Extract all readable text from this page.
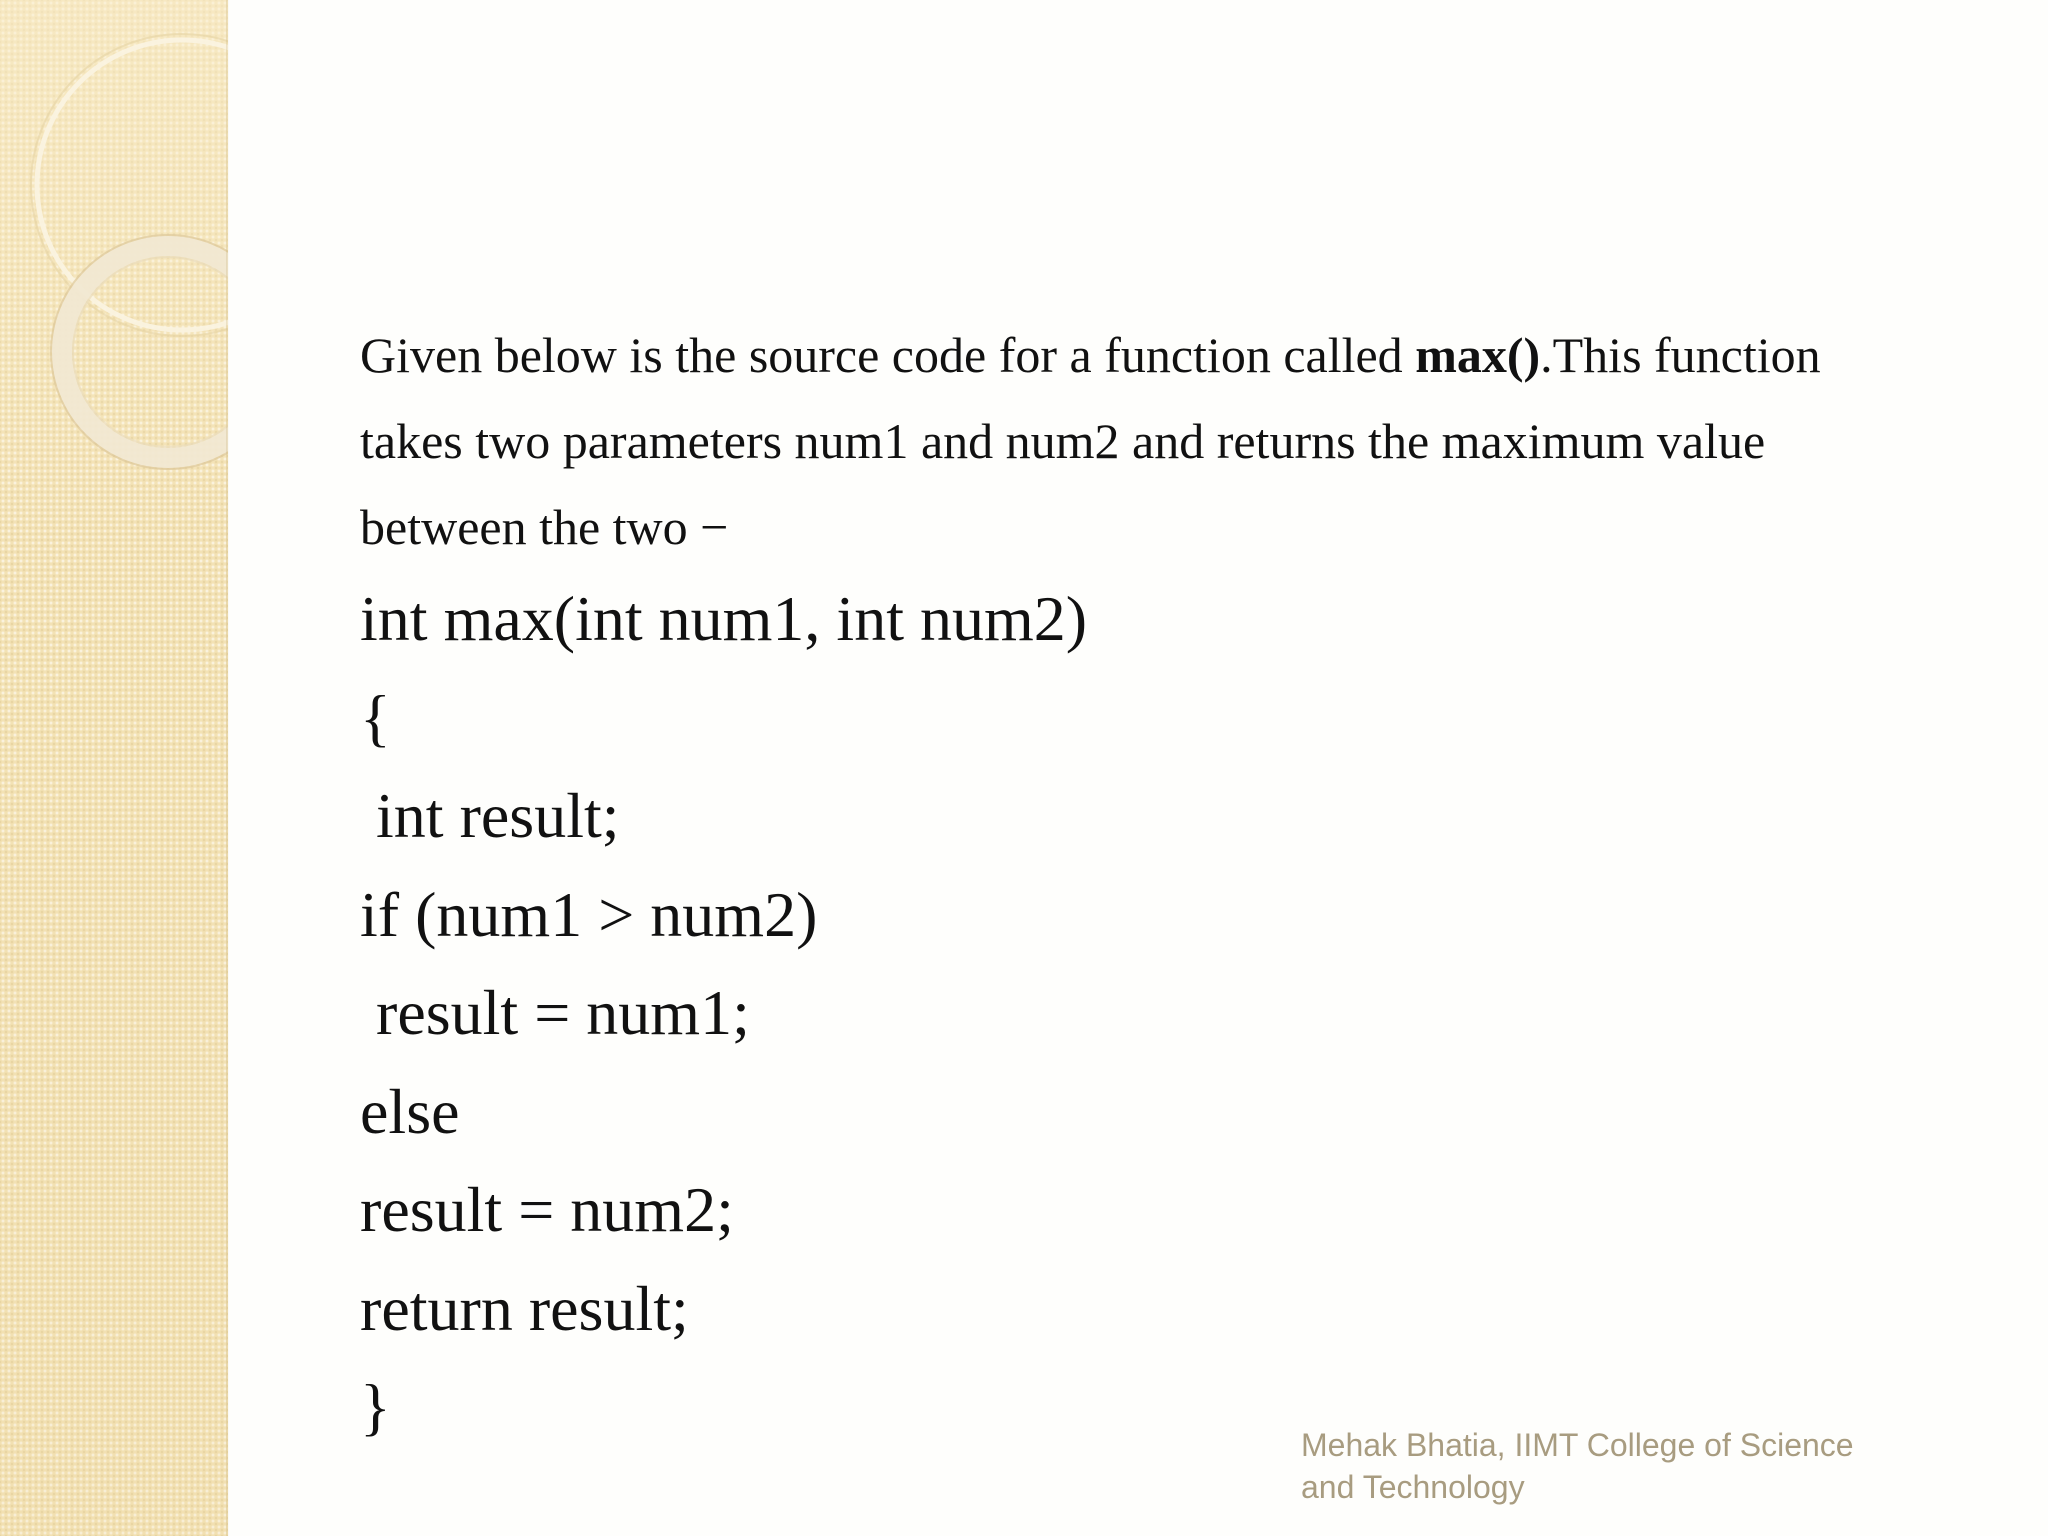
Given below is the source code for a function called max().This function takes two parameters num1 and num2 and returns the maximum value between the two −

int max(int num1, int num2)

{

int result;

if (num1 > num2)

result = num1;

else

result = num2;

return result;

}

Mehak Bhatia, IIMT College of Science
and Technology
